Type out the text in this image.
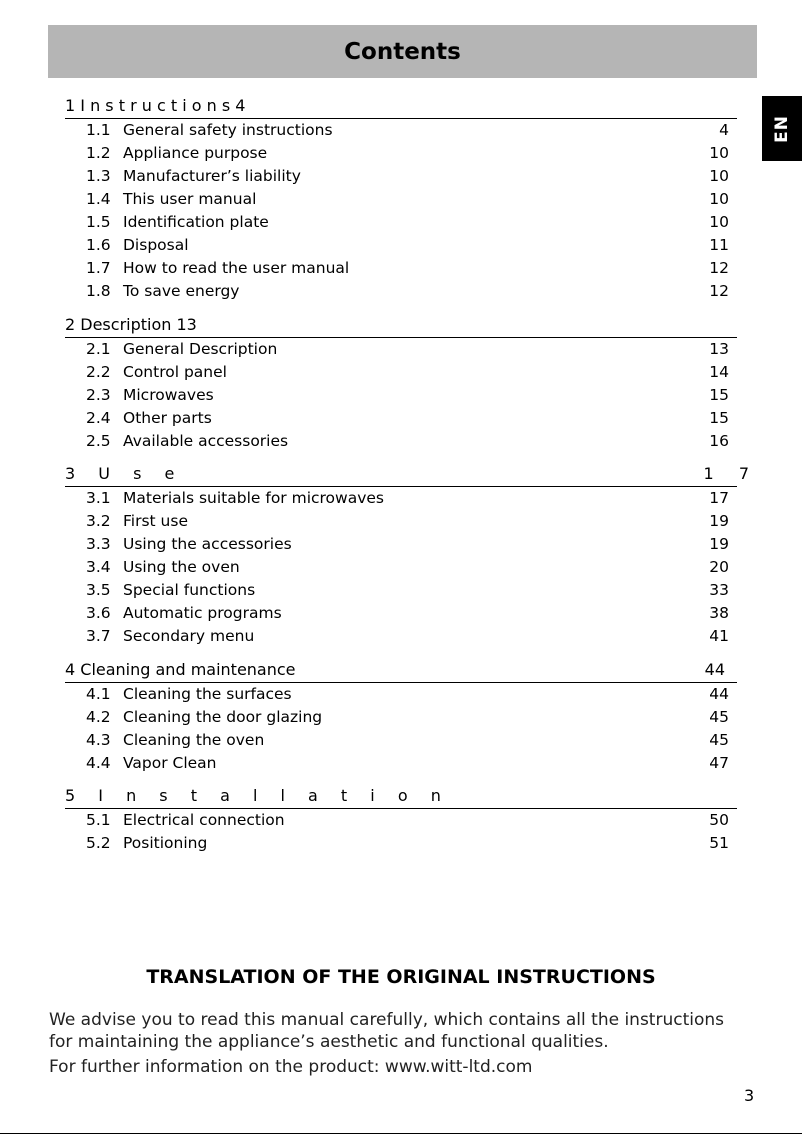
Contents
EN
1 I n s t r u c t i o n s 4
1.1 General safety instructions	4
1.2 Appliance purpose	10
1.3 Manufacturer’s liability	10
1.4 This user manual	10
1.5 Identification plate	10
1.6 Disposal	11
1.7 How to read the user manual	12
1.8 To save energy	12
2 Description 13
2.1 General Description	13
2.2 Control panel	14
2.3 Microwaves	15
2.4 Other parts	15
2.5 Available accessories	16
3 U s e	1 7
3.1 Materials suitable for microwaves	17
3.2 First use	19
3.3 Using the accessories	19
3.4 Using the oven	20
3.5 Special functions	33
3.6 Automatic programs	38
3.7 Secondary menu	41
4 Cleaning and maintenance	44
4.1 Cleaning the surfaces	44
4.2 Cleaning the door glazing	45
4.3 Cleaning the oven	45
4.4 Vapor Clean	47
5 I n s t a l l a t i o n
5.1 Electrical connection	50
5.2 Positioning	51
TRANSLATION OF THE ORIGINAL INSTRUCTIONS
We advise you to read this manual carefully, which contains all the instructions for maintaining the appliance’s aesthetic and functional qualities.
For further information on the product: www.witt-ltd.com
3
